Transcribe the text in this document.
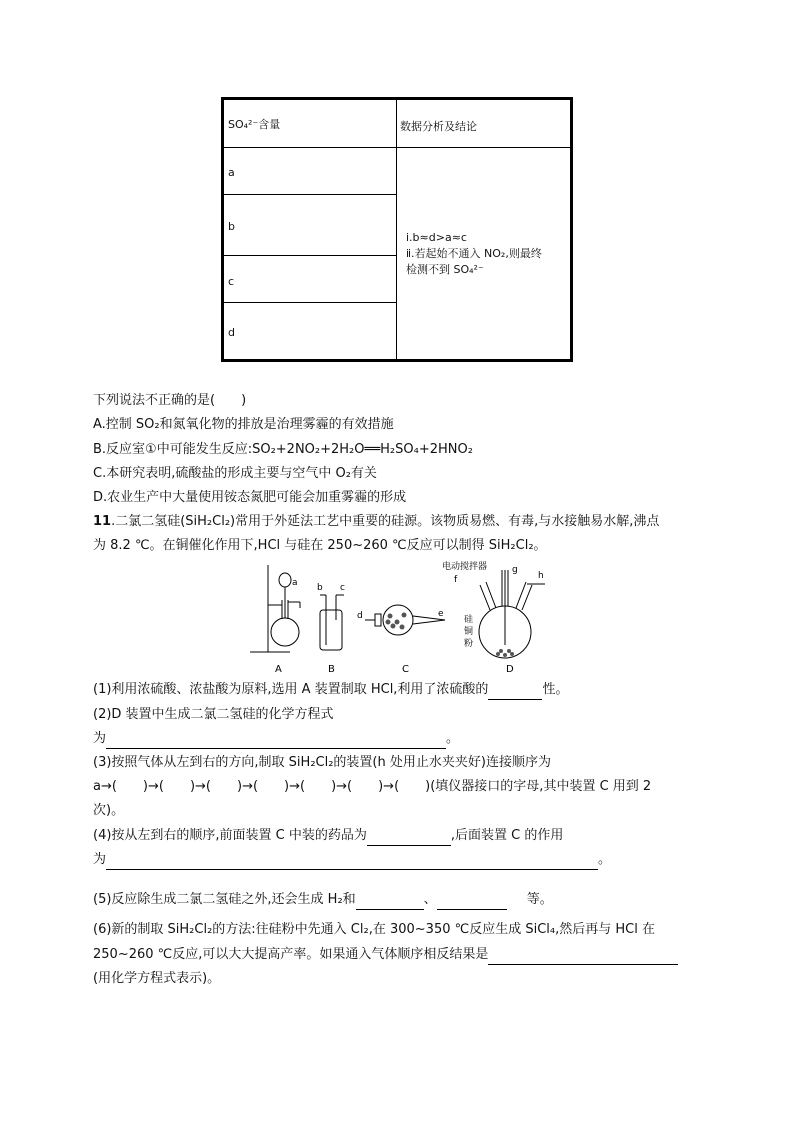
SO₄²⁻含量	数据分析及结论
a
b
c
d
ⅰ.b≈d>a≈c
ⅱ.若起始不通入 NO₂,则最终
检测不到 SO₄²⁻
下列说法不正确的是(　　)
A.控制 SO₂和氮氧化物的排放是治理雾霾的有效措施
B.反应室①中可能发生反应:SO₂+2NO₂+2H₂O══H₂SO₄+2HNO₂
C.本研究表明,硫酸盐的形成主要与空气中 O₂有关
D.农业生产中大量使用铵态氮肥可能会加重雾霾的形成
11.二氯二氢硅(SiH₂Cl₂)常用于外延法工艺中重要的硅源。该物质易燃、有毒,与水接触易水解,沸点
为 8.2 ℃。在铜催化作用下,HCl 与硅在 250~260 ℃反应可以制得 SiH₂Cl₂。
a b c
d	e
f
g
h
电动搅拌器
硅
铜
粉
A	B	C	D
(1)利用浓硫酸、浓盐酸为原料,选用 A 装置制取 HCl,利用了浓硫酸的	性。
(2)D 装置中生成二氯二氢硅的化学方程式
为	。
(3)按照气体从左到右的方向,制取 SiH₂Cl₂的装置(h 处用止水夹夹好)连接顺序为
a→(　　)→(　　)→(　　)→(　　)→(　　)→(　　)→(　　)(填仪器接口的字母,其中装置 C 用到 2
次)。
(4)按从左到右的顺序,前面装置 C 中装的药品为	,后面装置 C 的作用
为	。
(5)反应除生成二氯二氢硅之外,还会生成 H₂和	、	等。
(6)新的制取 SiH₂Cl₂的方法:往硅粉中先通入 Cl₂,在 300~350 ℃反应生成 SiCl₄,然后再与 HCl 在
250~260 ℃反应,可以大大提高产率。如果通入气体顺序相反结果是
(用化学方程式表示)。
